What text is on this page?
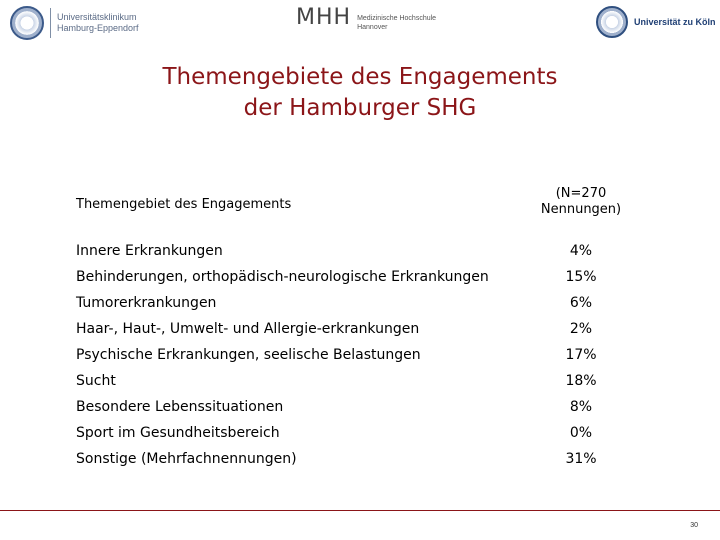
Universitätsklinikum
Hamburg-Eppendorf	MHH Medizinische Hochschule
Hannover
Universität zu Köln
Themengebiete des Engagements
der Hamburger SHG
Themengebiet des Engagements
(N=270
Nennungen)
Innere Erkrankungen	4%
Behinderungen, orthopädisch-neurologische Erkrankungen	15%
Tumorerkrankungen	6%
Haar-, Haut-, Umwelt- und Allergie-erkrankungen	2%
Psychische Erkrankungen, seelische Belastungen	17%
Sucht	18%
Besondere Lebenssituationen	8%
Sport im Gesundheitsbereich	0%
Sonstige (Mehrfachnennungen)	31%
30
